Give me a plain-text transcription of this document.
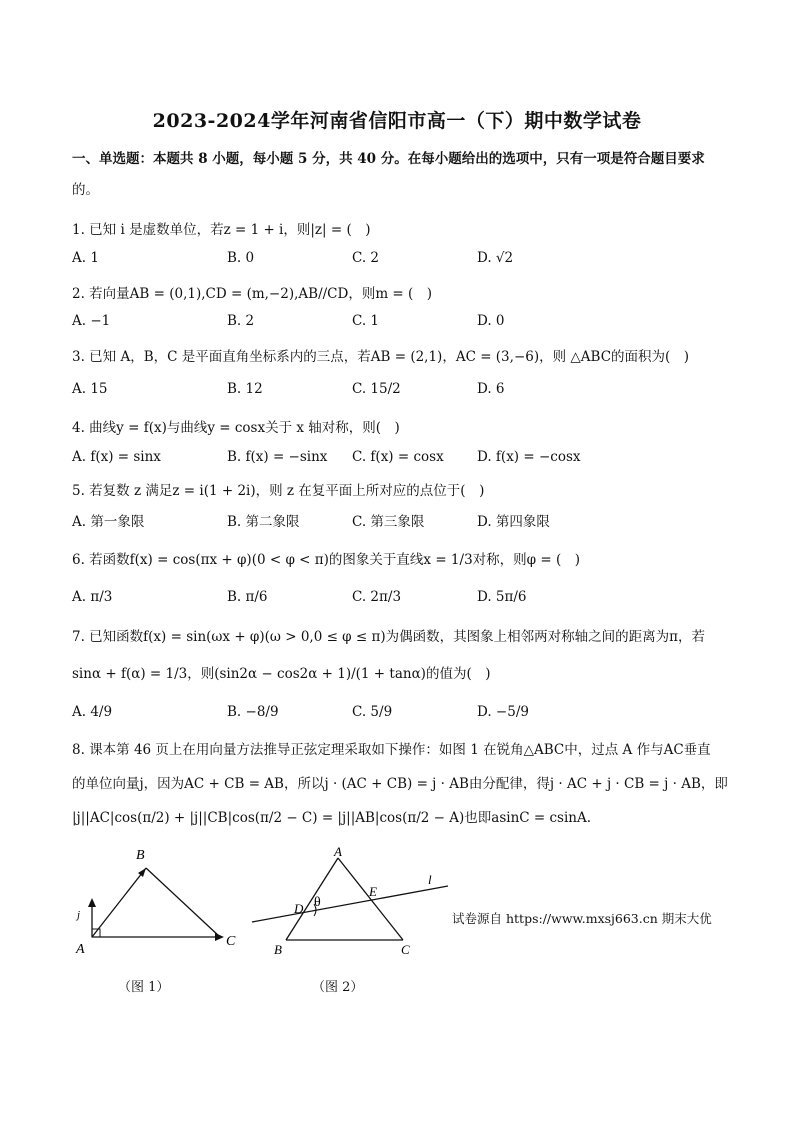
2023-2024学年河南省信阳市高一（下）期中数学试卷
一、单选题：本题共 8 小题，每小题 5 分，共 40 分。在每小题给出的选项中，只有一项是符合题目要求
的。
1. 已知 i 是虚数单位，若z = 1 + i，则|z| = (　)
A. 1	B. 0	C. 2	D. √2
2. 若向量AB = (0,1),CD = (m,−2),AB//CD，则m = (　)
A. −1	B. 2	C. 1	D. 0
3. 已知 A，B，C 是平面直角坐标系内的三点，若AB = (2,1)，AC = (3,−6)，则 △ABC的面积为(　)
A. 15	B. 12	C. 15/2	D. 6
4. 曲线y = f(x)与曲线y = cosx关于 x 轴对称，则(　)
A. f(x) = sinx	B. f(x) = −sinx C. f(x) = cosx D. f(x) = −cosx
5. 若复数 z 满足z = i(1 + 2i)，则 z 在复平面上所对应的点位于(　)
A. 第一象限	B. 第二象限	C. 第三象限	D. 第四象限
6. 若函数f(x) = cos(πx + φ)(0 < φ < π)的图象关于直线x = 1/3对称，则φ = (　)
A. π/3	B. π/6	C. 2π/3	D. 5π/6
7. 已知函数f(x) = sin(ωx + φ)(ω > 0,0 ≤ φ ≤ π)为偶函数，其图象上相邻两对称轴之间的距离为π，若
sinα + f(α) = 1/3，则(sin2α − cos2α + 1)/(1 + tanα)的值为(　)
A. 4/9	B. −8/9	C. 5/9	D. −5/9
8. 课本第 46 页上在用向量方法推导正弦定理采取如下操作：如图 1 在锐角△ABC中，过点 A 作与AC垂直
的单位向量j，因为AC + CB = AB，所以j · (AC + CB) = j · AB由分配律，得j · AC + j · CB = j · AB，即
|j||AC|cos(π/2) + |j||CB|cos(π/2 − C) = |j||AB|cos(π/2 − A)也即asinC = csinA.
A
B
C
j
（图 1）
A
B	C
D
E
l
θ
（图 2）
试卷源自 https://www.mxsj663.cn 期末大优
